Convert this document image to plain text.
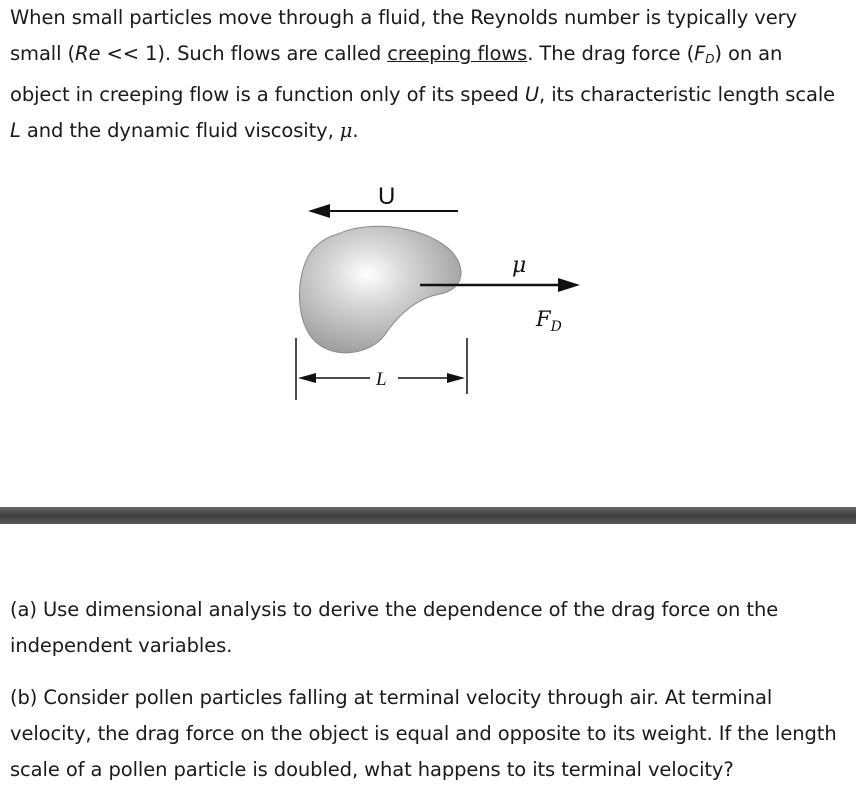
When small particles move through a fluid, the Reynolds number is typically very small (Re << 1). Such flows are called creeping flows. The drag force $(F_D)$ on an object in creeping flow is a function only of its speed U, its characteristic length scale L and the dynamic fluid viscosity, μ.
U
μ
$F_D$
L
(a) Use dimensional analysis to derive the dependence of the drag force on the independent variables.
(b) Consider pollen particles falling at terminal velocity through air. At terminal velocity, the drag force on the object is equal and opposite to its weight. If the length scale of a pollen particle is doubled, what happens to its terminal velocity?
